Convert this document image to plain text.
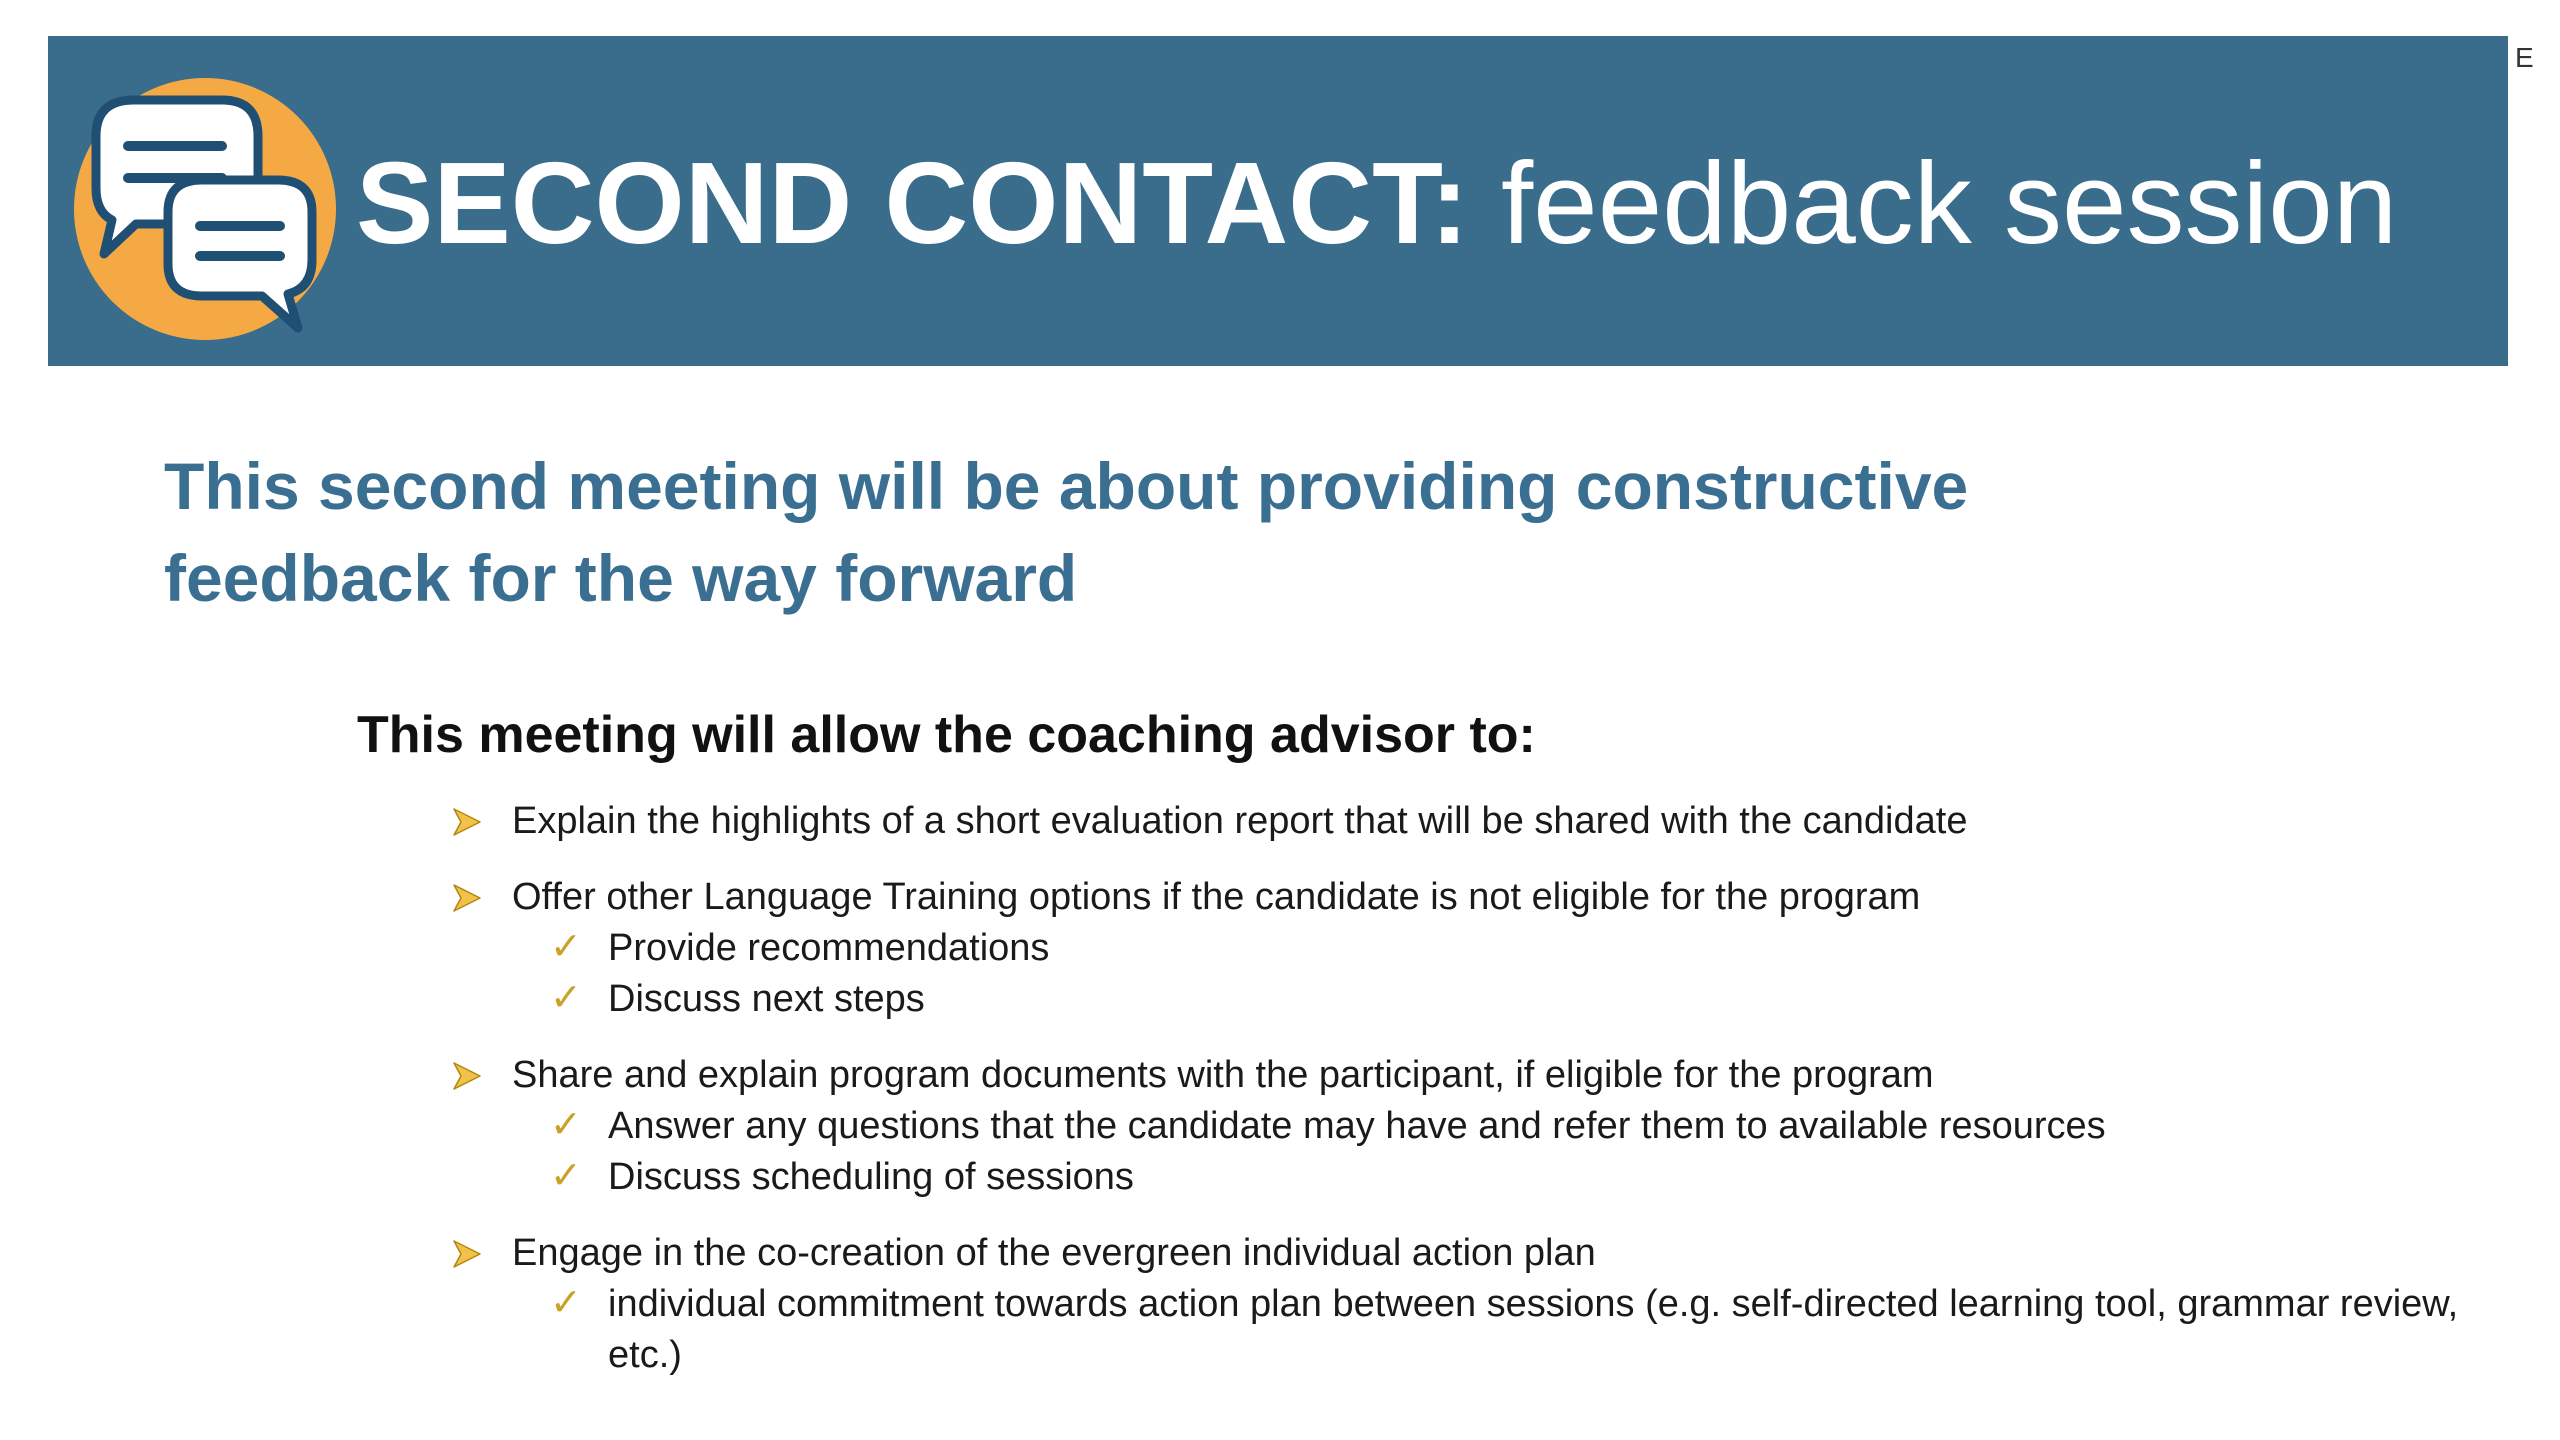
SECOND CONTACT: feedback session
E
This second meeting will be about providing constructive
feedback for the way forward
This meeting will allow the coaching advisor to:
Explain the highlights of a short evaluation report that will be shared with the candidate
Offer other Language Training options if the candidate is not eligible for the program
✓ Provide recommendations
✓ Discuss next steps
Share and explain program documents with the participant, if eligible for the program
✓ Answer any questions that the candidate may have and refer them to available resources
✓ Discuss scheduling of sessions
Engage in the co-creation of the evergreen individual action plan
✓ individual commitment towards action plan between sessions (e.g. self-directed learning tool, grammar review, etc.)
